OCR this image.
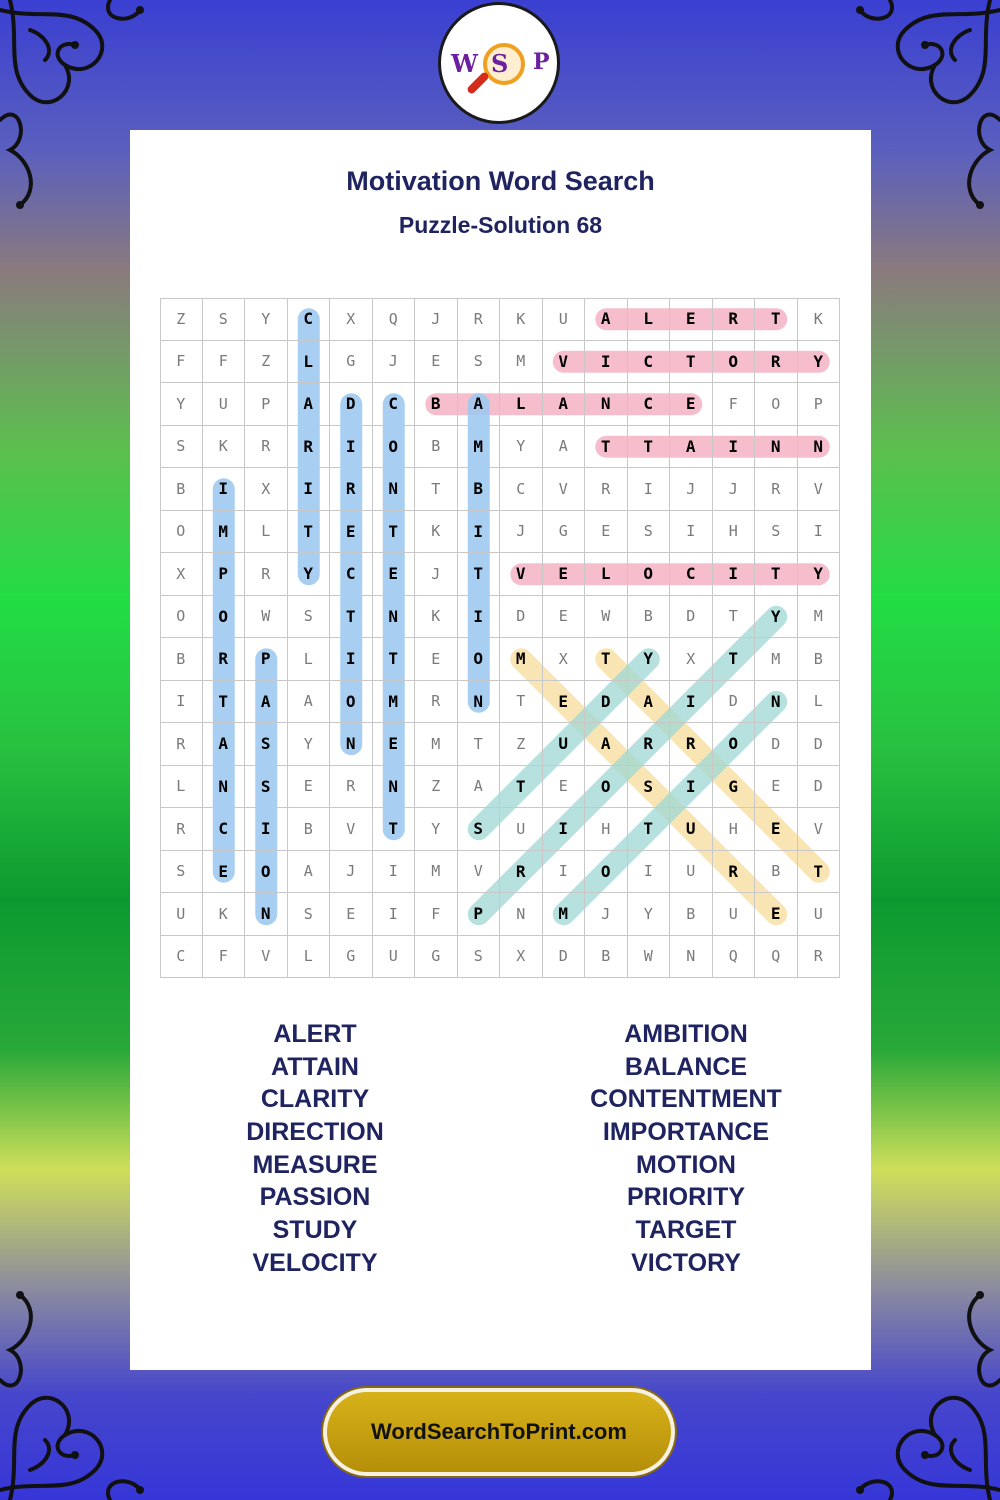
Motivation Word Search
Puzzle-Solution 68
Z	S	Y	C	X	Q	J	R	K	U	A	L	E	R	T	K
F	F	Z	L	G	J	E	S	M	V	I	C	T	O	R	Y
Y	U	P	A	D	C	B	A	L	A	N	C	E	F	O	P
S	K	R	R	I	O	B	M	Y	A	T	T	A	I	N	N
B	I	X	I	R	N	T	B	C	V	R	I	J	J	R	V
O	M	L	T	E	T	K	I	J	G	E	S	I	H	S	I
X	P	R	Y	C	E	J	T	V	E	L	O	C	I	T	Y
O	O	W	S	T	N	K	I	D	E	W	B	D	T	Y	M
B	R	P	L	I	T	E	O	M	X	T	Y	X	T	M	B
I	T	A	A	O	M	R	N	T	E	D	A	I	D	N	L
R	A	S	Y	N	E	M	T	Z	U	A	R	R	O	D	D
L	N	S	E	R	N	Z	A	T	E	O	S	I	G	E	D
R	C	I	B	V	T	Y	S	U	I	H	T	U	H	E	V
S	E	O	A	J	I	M	V	R	I	O	I	U	R	B	T
U	K	N	S	E	I	F	P	N	M	J	Y	B	U	E	U
C	F	V	L	G	U	G	S	X	D	B	W	N	Q	Q	R
ALERT
ATTAIN
CLARITY
DIRECTION
MEASURE
PASSION
STUDY
VELOCITY
AMBITION
BALANCE
CONTENTMENT
IMPORTANCE
MOTION
PRIORITY
TARGET
VICTORY
W S P
WordSearchToPrint.com
